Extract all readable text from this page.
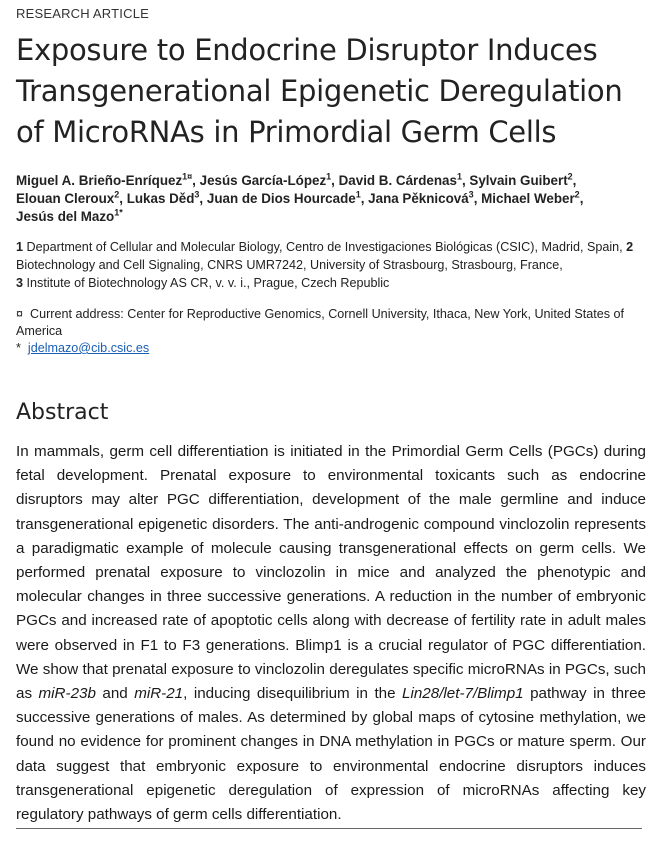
RESEARCH ARTICLE
Exposure to Endocrine Disruptor Induces Transgenerational Epigenetic Deregulation of MicroRNAs in Primordial Germ Cells

Miguel A. Brieño-Enríquez$^{1¤}$, Jesús García-López$^1$, David B. Cárdenas$^1$, Sylvain Guibert$^2$,
Elouan Cleroux$^2$, Lukas Děd$^3$, Juan de Dios Hourcade$^1$, Jana Pěknicová$^3$, Michael Weber$^2$,
Jesús del Mazo$^{1*}$

1 Department of Cellular and Molecular Biology, Centro de Investigaciones Biológicas (CSIC), Madrid, Spain, 2 Biotechnology and Cell Signaling, CNRS UMR7242, University of Strasbourg, Strasbourg, France,
3 Institute of Biotechnology AS CR, v. v. i., Prague, Czech Republic

¤ Current address: Center for Reproductive Genomics, Cornell University, Ithaca, New York, United States of America
* jdelmazo@cib.csic.es

Abstract

In mammals, germ cell differentiation is initiated in the Primordial Germ Cells (PGCs) during fetal development. Prenatal exposure to environmental toxicants such as endocrine disruptors may alter PGC differentiation, development of the male germline and induce transgenerational epigenetic disorders. The anti-androgenic compound vinclozolin represents a paradigmatic example of molecule causing transgenerational effects on germ cells. We performed prenatal exposure to vinclozolin in mice and analyzed the phenotypic and molecular changes in three successive generations. A reduction in the number of embryonic PGCs and increased rate of apoptotic cells along with decrease of fertility rate in adult males were observed in F1 to F3 generations. Blimp1 is a crucial regulator of PGC differentiation. We show that prenatal exposure to vinclozolin deregulates specific microRNAs in PGCs, such as miR-23b and miR-21, inducing disequilibrium in the Lin28/let-7/Blimp1 pathway in three successive generations of males. As determined by global maps of cytosine methylation, we found no evidence for prominent changes in DNA methylation in PGCs or mature sperm. Our data suggest that embryonic exposure to environmental endocrine disruptors induces transgenerational epigenetic deregulation of expression of microRNAs affecting key regulatory pathways of germ cells differentiation.
